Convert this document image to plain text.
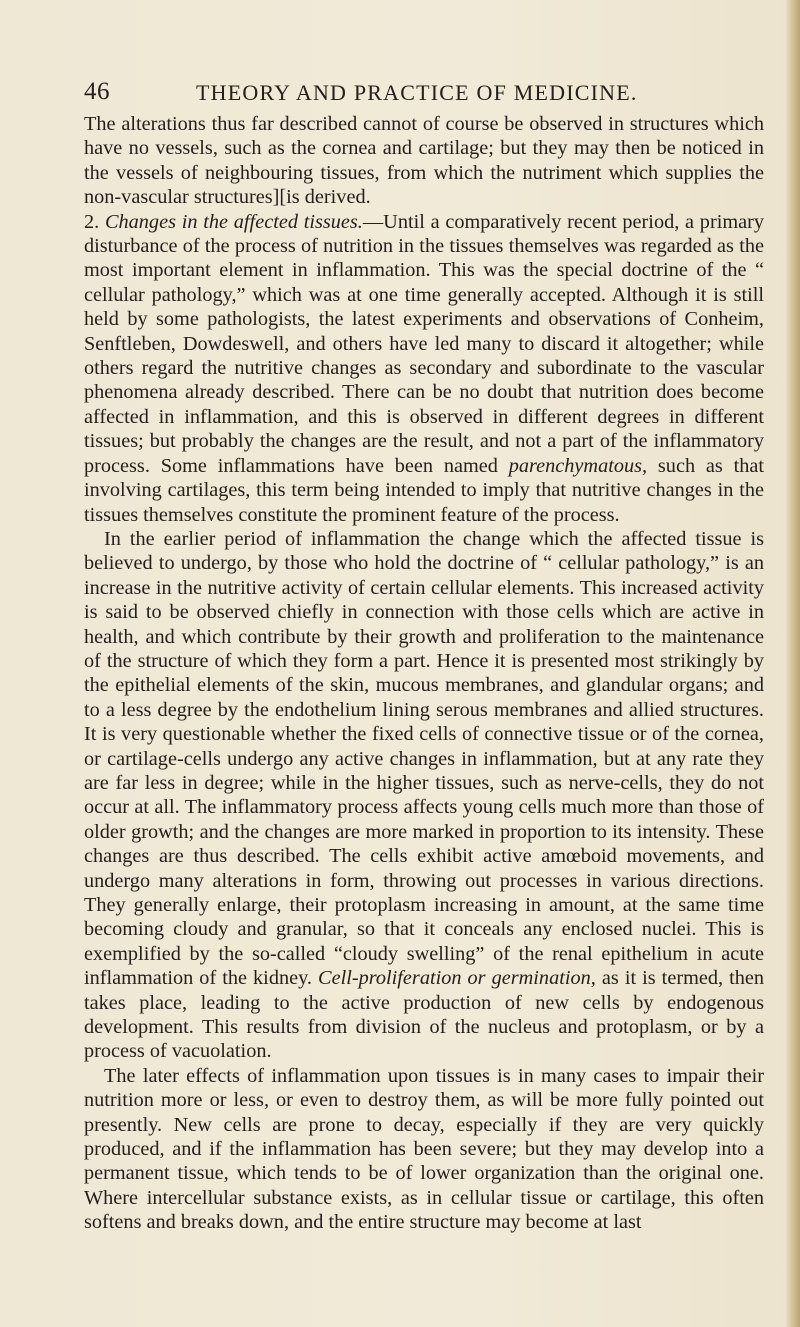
46	THEORY AND PRACTICE OF MEDICINE.

The alterations thus far described cannot of course be observed in structures which have no vessels, such as the cornea and cartilage; but they may then be noticed in the vessels of neighbouring tissues, from which the nutriment which supplies the non-vascular structures][is derived.

2. Changes in the affected tissues.—Until a comparatively recent period, a primary disturbance of the process of nutrition in the tissues themselves was regarded as the most important element in inflammation. This was the special doctrine of the “ cellular pathology,” which was at one time generally accepted. Although it is still held by some pathologists, the latest experiments and observations of Conheim, Senftleben, Dowdeswell, and others have led many to discard it altogether; while others regard the nutritive changes as secondary and subordinate to the vascular phenomena already described. There can be no doubt that nutrition does become affected in inflammation, and this is observed in different degrees in different tissues; but probably the changes are the result, and not a part of the inflammatory process. Some inflammations have been named parenchymatous, such as that involving cartilages, this term being intended to imply that nutritive changes in the tissues themselves constitute the prominent feature of the process.

In the earlier period of inflammation the change which the affected tissue is believed to undergo, by those who hold the doctrine of “ cellular pathology,” is an increase in the nutritive activity of certain cellular elements. This increased activity is said to be observed chiefly in connection with those cells which are active in health, and which contribute by their growth and proliferation to the maintenance of the structure of which they form a part. Hence it is presented most strikingly by the epithelial elements of the skin, mucous membranes, and glandular organs; and to a less degree by the endothelium lining serous membranes and allied structures. It is very questionable whether the fixed cells of connective tissue or of the cornea, or cartilage-cells undergo any active changes in inflammation, but at any rate they are far less in degree; while in the higher tissues, such as nerve-cells, they do not occur at all. The inflammatory process affects young cells much more than those of older growth; and the changes are more marked in proportion to its intensity. These changes are thus described. The cells exhibit active amœboid movements, and undergo many alterations in form, throwing out processes in various directions. They generally enlarge, their protoplasm increasing in amount, at the same time becoming cloudy and granular, so that it conceals any enclosed nuclei. This is exemplified by the so-called “cloudy swelling” of the renal epithelium in acute inflammation of the kidney. Cell-proliferation or germination, as it is termed, then takes place, leading to the active production of new cells by endogenous development. This results from division of the nucleus and protoplasm, or by a process of vacuolation.

The later effects of inflammation upon tissues is in many cases to impair their nutrition more or less, or even to destroy them, as will be more fully pointed out presently. New cells are prone to decay, especially if they are very quickly produced, and if the inflammation has been severe; but they may develop into a permanent tissue, which tends to be of lower organization than the original one. Where intercellular substance exists, as in cellular tissue or cartilage, this often softens and breaks down, and the entire structure may become at last
